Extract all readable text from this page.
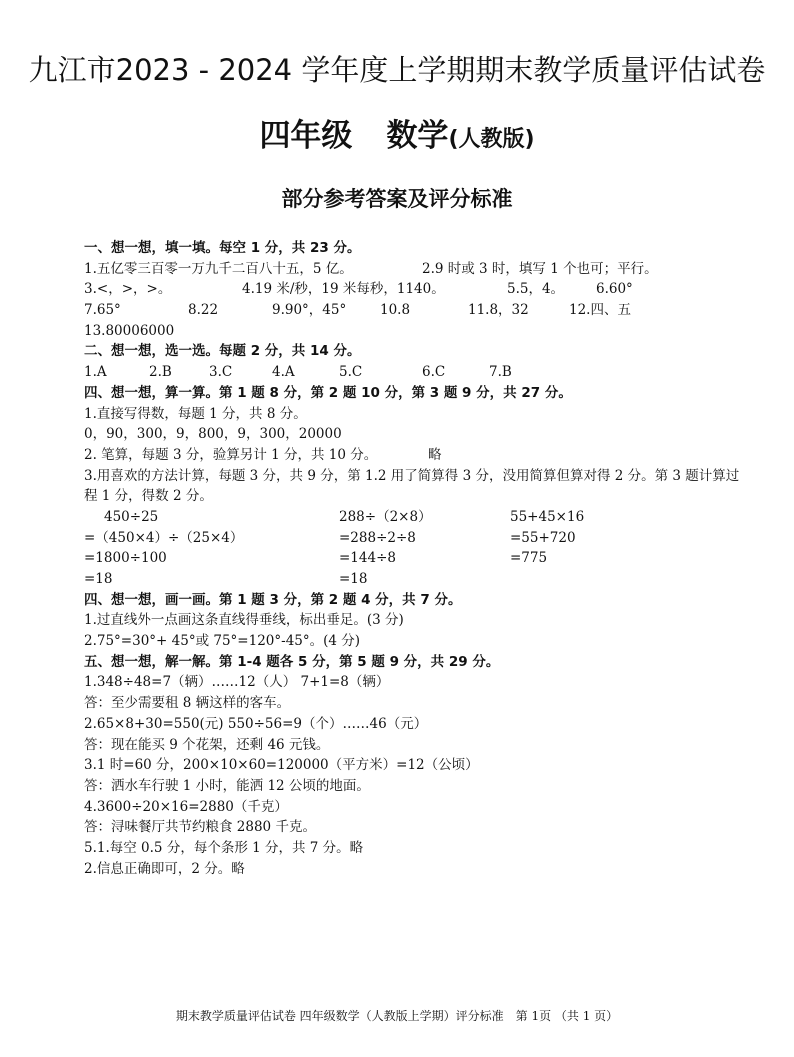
九江市2023 - 2024 学年度上学期期末教学质量评估试卷
四年级 数学(人教版)
部分参考答案及评分标准
一、想一想，填一填。每空 1 分，共 23 分。
1.五亿零三百零一万九千二百八十五，5 亿。	2.9 时或 3 时，填写 1 个也可；平行。
3.<，>，>。	4.19 米/秒，19 米每秒，1140。	5.5，4。 6.60°
7.65°	8.22	9.90°，45°	10.8	11.8，32	12.四、五
13.80006000
二、想一想，选一选。每题 2 分，共 14 分。
1.A	2.B	3.C	4.A	5.C	6.C	7.B
四、想一想，算一算。第 1 题 8 分，第 2 题 10 分，第 3 题 9 分，共 27 分。
1.直接写得数，每题 1 分，共 8 分。
0，90，300，9，800，9，300，20000
2. 笔算，每题 3 分，验算另计 1 分，共 10 分。	略
3.用喜欢的方法计算，每题 3 分，共 9 分，第 1.2 用了简算得 3 分，没用简算但算对得 2 分。第 3 题计算过程 1 分，得数 2 分。
450÷25	288÷（2×8）	55+45×16
=（450×4）÷（25×4）	=288÷2÷8	=55+720
=1800÷100	=144÷8	=775
=18	=18
四、想一想，画一画。第 1 题 3 分，第 2 题 4 分，共 7 分。
1.过直线外一点画这条直线得垂线，标出垂足。(3 分)
2.75°=30°+ 45°或 75°=120°-45°。(4 分)
五、想一想，解一解。第 1-4 题各 5 分，第 5 题 9 分，共 29 分。
1.348÷48=7（辆）……12（人） 7+1=8（辆）
答：至少需要租 8 辆这样的客车。
2.65×8+30=550(元) 550÷56=9（个）……46（元）
答：现在能买 9 个花架，还剩 46 元钱。
3.1 时=60 分，200×10×60=120000（平方米）=12（公顷）
答：洒水车行驶 1 小时，能洒 12 公顷的地面。
4.3600÷20×16=2880（千克）
答：浔味餐厅共节约粮食 2880 千克。
5.1.每空 0.5 分，每个条形 1 分，共 7 分。略
2.信息正确即可，2 分。略
期末教学质量评估试卷 四年级数学（人教版上学期）评分标准 第 1页 （共 1 页）
